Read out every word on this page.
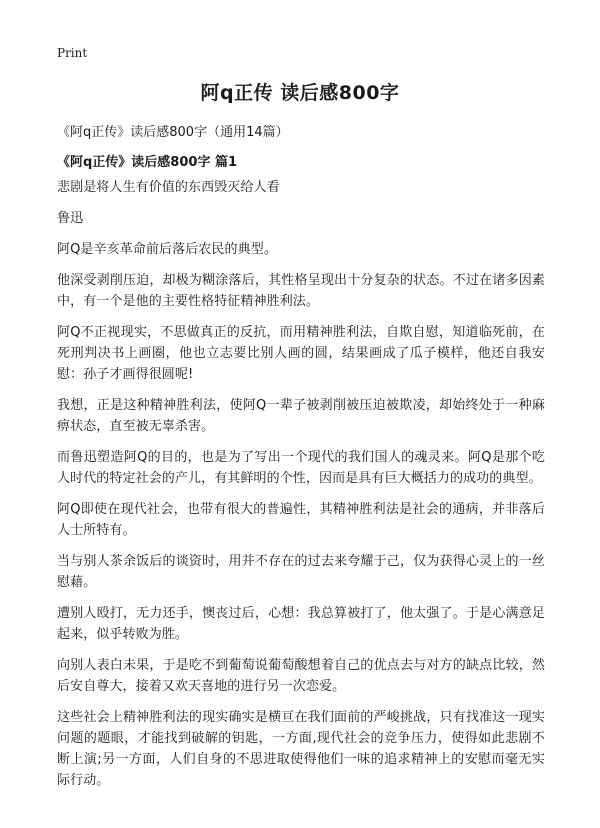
Print
阿q正传 读后感800字

《阿q正传》读后感800字（通用14篇）

《阿q正传》读后感800字 篇1

悲剧是将人生有价值的东西毁灭给人看

鲁迅

阿Q是辛亥革命前后落后农民的典型。

他深受剥削压迫，却极为糊涂落后，其性格呈现出十分复杂的状态。不过在诸多因素中，有一个是他的主要性格特征精神胜利法。

阿Q不正视现实，不思做真正的反抗，而用精神胜利法，自欺自慰，知道临死前，在死刑判决书上画圈，他也立志要比别人画的圆，结果画成了瓜子模样，他还自我安慰：孙子才画得很圆呢!

我想，正是这种精神胜利法，使阿Q一辈子被剥削被压迫被欺凌，却始终处于一种麻痹状态，直至被无辜杀害。

而鲁迅塑造阿Q的目的，也是为了写出一个现代的我们国人的魂灵来。阿Q是那个吃人时代的特定社会的产儿，有其鲜明的个性，因而是具有巨大概括力的成功的典型。

阿Q即使在现代社会，也带有很大的普遍性，其精神胜利法是社会的通病，并非落后人士所特有。

当与别人茶余饭后的谈资时，用并不存在的过去来夸耀于己，仅为获得心灵上的一丝慰藉。

遭别人殴打，无力还手，懊丧过后，心想：我总算被打了，他太强了。于是心满意足起来，似乎转败为胜。

向别人表白未果，于是吃不到葡萄说葡萄酸想着自己的优点去与对方的缺点比较，然后安自尊大，接着又欢天喜地的进行另一次恋爱。

这些社会上精神胜利法的现实确实是横亘在我们面前的严峻挑战，只有找准这一现实问题的题眼，才能找到破解的钥匙，一方面,现代社会的竞争压力，使得如此悲剧不断上演;另一方面，人们自身的不思进取使得他们一味的追求精神上的安慰而毫无实际行动。
